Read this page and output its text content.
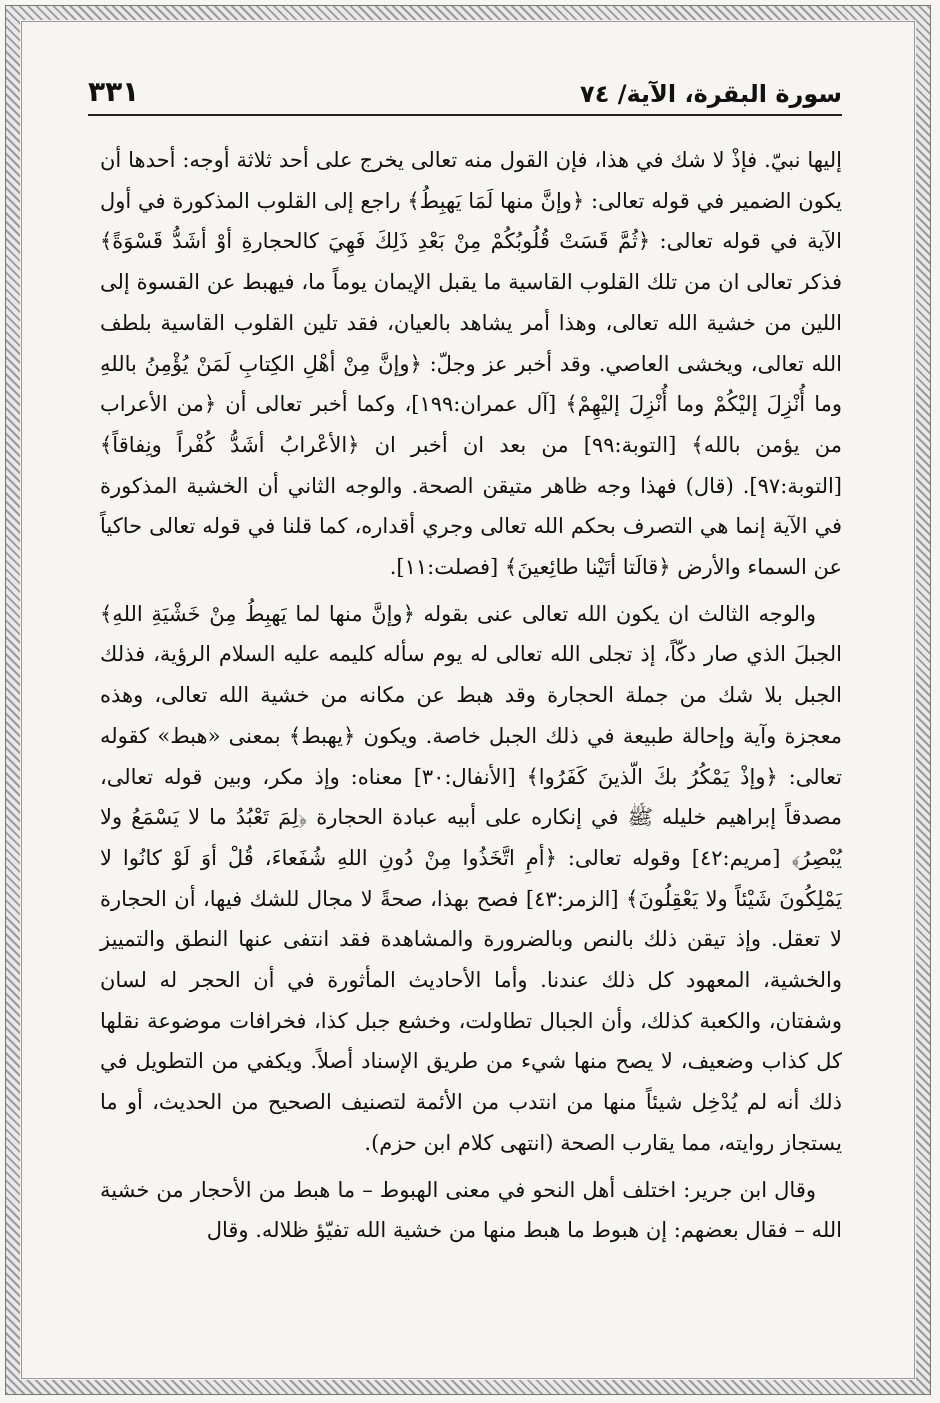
٣٣١	سورة البقرة، الآية/ ٧٤

إليها نبيّ. فإذْ لا شك في هذا، فإن القول منه تعالى يخرج على أحد ثلاثة أوجه: أحدها أن يكون الضمير في قوله تعالى: ﴿وإنَّ منها لَمَا يَهبِطُ﴾ راجع إلى القلوب المذكورة في أول الآية في قوله تعالى: ﴿ثُمَّ قَسَتْ قُلُوبُكُمْ مِنْ بَعْدِ ذَلِكَ فَهِيَ كالحجارةِ أوْ أشَدُّ قَسْوَةً﴾ فذكر تعالى ان من تلك القلوب القاسية ما يقبل الإيمان يوماً ما، فيهبط عن القسوة إلى اللين من خشية الله تعالى، وهذا أمر يشاهد بالعيان، فقد تلين القلوب القاسية بلطف الله تعالى، ويخشى العاصي. وقد أخبر عز وجلّ: ﴿وإنَّ مِنْ أهْلِ الكِتابِ لَمَنْ يُؤْمِنُ باللهِ وما أُنْزِلَ إليْكُمْ وما أُنْزِلَ إليْهِمْ﴾ [آل عمران:١٩٩]، وكما أخبر تعالى أن ﴿من الأعراب من يؤمن بالله﴾ [التوبة:٩٩] من بعد ان أخبر ان ﴿الأعْرابُ أشَدُّ كُفْراً ونِفاقاً﴾ [التوبة:٩٧]. (قال) فهذا وجه ظاهر متيقن الصحة. والوجه الثاني أن الخشية المذكورة في الآية إنما هي التصرف بحكم الله تعالى وجري أقداره، كما قلنا في قوله تعالى حاكياً عن السماء والأرض ﴿قالَتا أتَيْنا طائِعينَ﴾ [فصلت:١١].

والوجه الثالث ان يكون الله تعالى عنى بقوله ﴿وإنَّ منها لما يَهبِطُ مِنْ خَشْيَةِ اللهِ﴾ الجبلَ الذي صار دكّاً، إذ تجلى الله تعالى له يوم سأله كليمه عليه السلام الرؤية، فذلك الجبل بلا شك من جملة الحجارة وقد هبط عن مكانه من خشية الله تعالى، وهذه معجزة وآية وإحالة طبيعة في ذلك الجبل خاصة. ويكون ﴿يهبط﴾ بمعنى «هبط» كقوله تعالى: ﴿وإذْ يَمْكُرُ بكَ الّذينَ كَفَرُوا﴾ [الأنفال:٣٠] معناه: وإذ مكر، وبين قوله تعالى، مصدقاً إبراهيم خليله ﷺ في إنكاره على أبيه عبادة الحجارة ﴿لِمَ تَعْبُدُ ما لا يَسْمَعُ ولا يُبْصِرُ﴾ [مريم:٤٢] وقوله تعالى: ﴿أمِ اتَّخَذُوا مِنْ دُونِ اللهِ شُفَعاءَ، قُلْ أوَ لَوْ كانُوا لا يَمْلِكُونَ شَيْئاً ولا يَعْقِلُونَ﴾ [الزمر:٤٣] فصح بهذا، صحةً لا مجال للشك فيها، أن الحجارة لا تعقل. وإذ تيقن ذلك بالنص وبالضرورة والمشاهدة فقد انتفى عنها النطق والتمييز والخشية، المعهود كل ذلك عندنا. وأما الأحاديث المأثورة في أن الحجر له لسان وشفتان، والكعبة كذلك، وأن الجبال تطاولت، وخشع جبل كذا، فخرافات موضوعة نقلها كل كذاب وضعيف، لا يصح منها شيء من طريق الإسناد أصلاً. ويكفي من التطويل في ذلك أنه لم يُدْخِل شيئاً منها من انتدب من الأئمة لتصنيف الصحيح من الحديث، أو ما يستجاز روايته، مما يقارب الصحة (انتهى كلام ابن حزم).

وقال ابن جرير: اختلف أهل النحو في معنى الهبوط – ما هبط من الأحجار من خشية الله – فقال بعضهم: إن هبوط ما هبط منها من خشية الله تفيّؤ ظلاله. وقال
